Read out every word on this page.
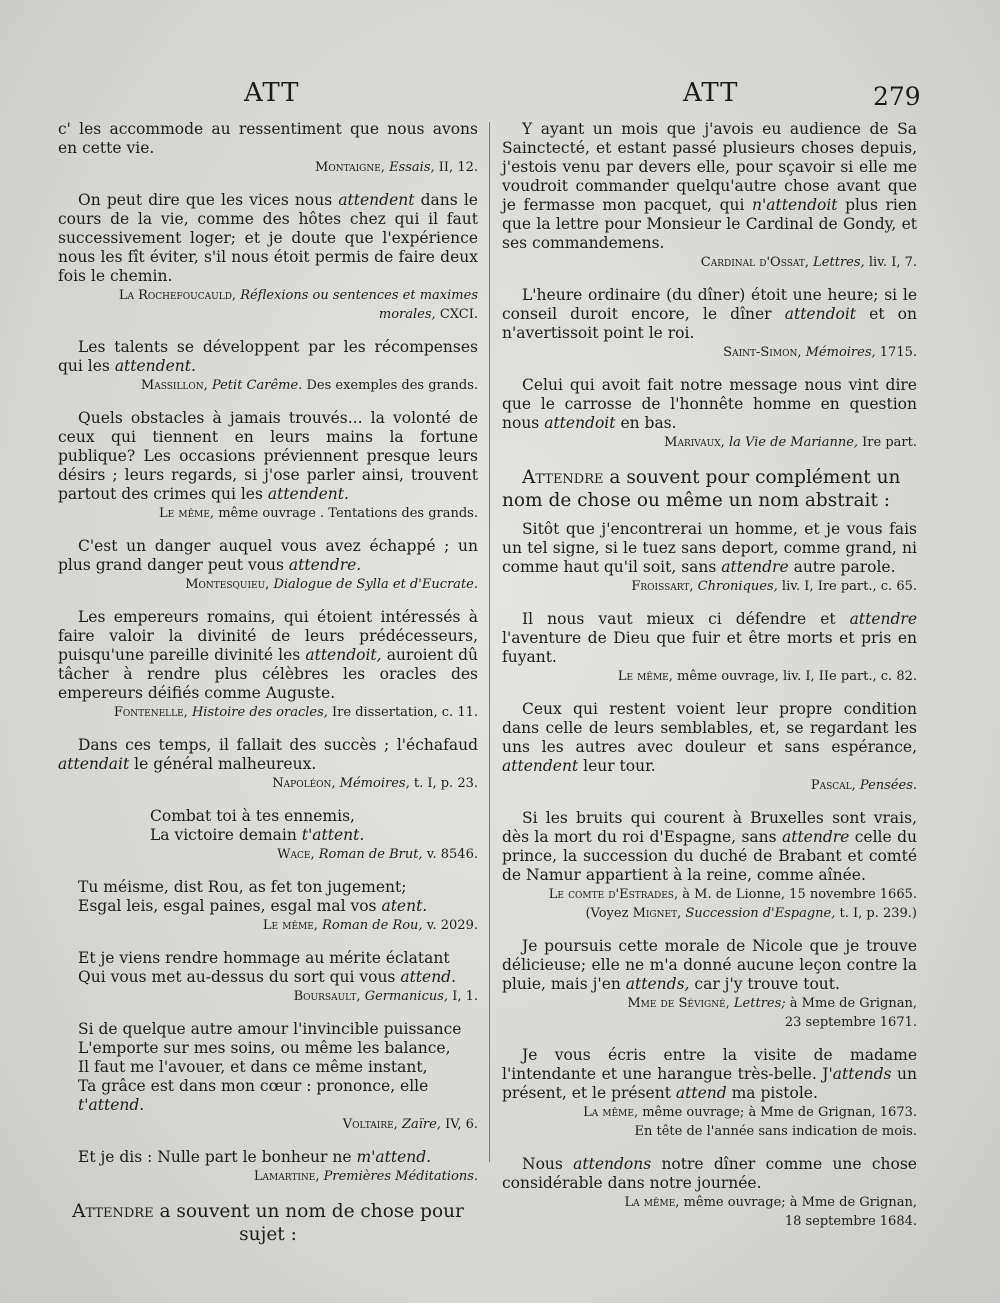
ATT	ATT	279

c' les accommode au ressentiment que nous avons en cette vie.

Montaigne, Essais, II, 12.

On peut dire que les vices nous attendent dans le cours de la vie, comme des hôtes chez qui il faut successivement loger; et je doute que l'expérience nous les fît éviter, s'il nous étoit permis de faire deux fois le chemin.

La Rochefoucauld, Réflexions ou sentences et maximes morales, CXCI.

Les talents se développent par les récompenses qui les attendent.

Massillon, Petit Carême. Des exemples des grands.

Quels obstacles à jamais trouvés... la volonté de ceux qui tiennent en leurs mains la fortune publique? Les occasions préviennent presque leurs désirs ; leurs regards, si j'ose parler ainsi, trouvent partout des crimes qui les attendent.

Le même, même ouvrage . Tentations des grands.

C'est un danger auquel vous avez échappé ; un plus grand danger peut vous attendre.

Montesquieu, Dialogue de Sylla et d'Eucrate.

Les empereurs romains, qui étoient intéressés à faire valoir la divinité de leurs prédécesseurs, puisqu'une pareille divinité les attendoit, auroient dû tâcher à rendre plus célèbres les oracles des empereurs déifiés comme Auguste.

Fontenelle, Histoire des oracles, Ire dissertation, c. 11.

Dans ces temps, il fallait des succès ; l'échafaud attendait le général malheureux.

Napoléon, Mémoires, t. I, p. 23.

Combat toi à tes ennemis,
La victoire demain t'attent.

Wace, Roman de Brut, v. 8546.

Tu méisme, dist Rou, as fet ton jugement;
Esgal leis, esgal paines, esgal mal vos atent.

Le même, Roman de Rou, v. 2029.

Et je viens rendre hommage au mérite éclatant
Qui vous met au-dessus du sort qui vous attend.

Boursault, Germanicus, I, 1.

Si de quelque autre amour l'invincible puissance
L'emporte sur mes soins, ou même les balance,
Il faut me l'avouer, et dans ce même instant,
Ta grâce est dans mon cœur : prononce, elle t'attend.

Voltaire, Zaïre, IV, 6.

Et je dis : Nulle part le bonheur ne m'attend.

Lamartine, Premières Méditations.

Attendre a souvent un nom de chose pour sujet :

Y ayant un mois que j'avois eu audience de Sa Sainctecté, et estant passé plusieurs choses depuis, j'estois venu par devers elle, pour sçavoir si elle me voudroit commander quelqu'autre chose avant que je fermasse mon pacquet, qui n'attendoit plus rien que la lettre pour Monsieur le Cardinal de Gondy, et ses commandemens.

Cardinal d'Ossat, Lettres, liv. I, 7.

L'heure ordinaire (du dîner) étoit une heure; si le conseil duroit encore, le dîner attendoit et on n'avertissoit point le roi.

Saint-Simon, Mémoires, 1715.

Celui qui avoit fait notre message nous vint dire que le carrosse de l'honnête homme en question nous attendoit en bas.

Marivaux, la Vie de Marianne, Ire part.

Attendre a souvent pour complément un nom de chose ou même un nom abstrait :

Sitôt que j'encontrerai un homme, et je vous fais un tel signe, si le tuez sans deport, comme grand, ni comme haut qu'il soit, sans attendre autre parole.

Froissart, Chroniques, liv. I, Ire part., c. 65.

Il nous vaut mieux ci défendre et attendre l'aventure de Dieu que fuir et être morts et pris en fuyant.

Le même, même ouvrage, liv. I, IIe part., c. 82.

Ceux qui restent voient leur propre condition dans celle de leurs semblables, et, se regardant les uns les autres avec douleur et sans espérance, attendent leur tour.

Pascal, Pensées.

Si les bruits qui courent à Bruxelles sont vrais, dès la mort du roi d'Espagne, sans attendre celle du prince, la succession du duché de Brabant et comté de Namur appartient à la reine, comme aînée.

Le comte d'Estrades, à M. de Lionne, 15 novembre 1665.

(Voyez Mignet, Succession d'Espagne, t. I, p. 239.)

Je poursuis cette morale de Nicole que je trouve délicieuse; elle ne m'a donné aucune leçon contre la pluie, mais j'en attends, car j'y trouve tout.

Mme de Sévigné, Lettres; à Mme de Grignan,

23 septembre 1671.

Je vous écris entre la visite de madame l'intendante et une harangue très-belle. J'attends un présent, et le présent attend ma pistole.

La même, même ouvrage; à Mme de Grignan, 1673.

En tête de l'année sans indication de mois.

Nous attendons notre dîner comme une chose considérable dans notre journée.

La même, même ouvrage; à Mme de Grignan,

18 septembre 1684.
